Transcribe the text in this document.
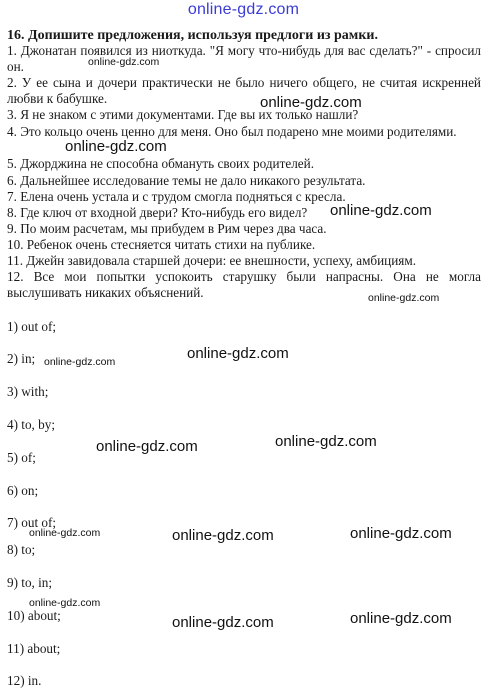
online-gdz.com
16. Допишите предложения, используя предлоги из рамки.
1. Джонатан появился из ниоткуда. "Я могу что-нибудь для вас сделать?" - спросил он.
2. У ее сына и дочери практически не было ничего общего, не считая искренней любви к бабушке.
3. Я не знаком с этими документами. Где вы их только нашли?
4. Это кольцо очень ценно для меня. Оно был подарено мне моими родителями.
5. Джорджина не способна обмануть своих родителей.
6. Дальнейшее исследование темы не дало никакого результата.
7. Елена очень устала и с трудом смогла подняться с кресла.
8. Где ключ от входной двери? Кто-нибудь его видел?
9. По моим расчетам, мы прибудем в Рим через два часа.
10. Ребенок очень стесняется читать стихи на публике.
11. Джейн завидовала старшей дочери: ее внешности, успеху, амбициям.
12. Все мои попытки успокоить старушку были напрасны. Она не могла выслушивать никаких объяснений.
1) out of;
2) in;
3) with;
4) to, by;
5) of;
6) on;
7) out of;
8) to;
9) to, in;
10) about;
11) about;
12) in.
online-gdz.com
online-gdz.com
online-gdz.com
online-gdz.com
online-gdz.com
online-gdz.com
online-gdz.com
online-gdz.com
online-gdz.com
online-gdz.com	online-gdz.com	online-gdz.com
online-gdz.com
online-gdz.com	online-gdz.com
